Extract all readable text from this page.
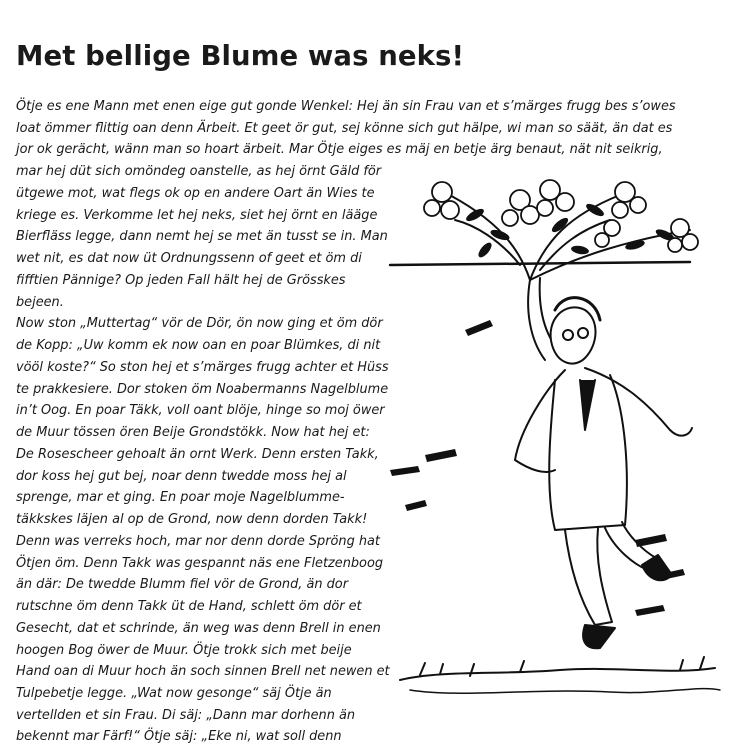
Met bellige Blume was neks!
Ötje es ene Mann met enen eige gut gonde Wenkel: Hej än sin Frau van et s’märges frugg bes s’owes
loat ömmer flittig oan denn Ärbeit. Et geet ör gut, sej könne sich gut hälpe, wi man so säät, än dat es
jor ok gerächt, wänn man so hoart ärbeit. Mar Ötje eiges es mäj en betje ärg benaut, nät nit seikrig,
mar hej düt sich omöndeg oanstelle, as hej örnt Gäld för
ütgewe mot, wat flegs ok op en andere Oart än Wies te
kriege es. Verkomme let hej neks, siet hej örnt en lääge
Bierfläss legge, dann nemt hej se met än tusst se in. Man
wet nit, es dat now üt Ordnungssenn of geet et öm di
fifftien Pännige? Op jeden Fall hält hej de Grösskes
bejeen.
Now ston „Muttertag“ vör de Dör, ön now ging et öm dör
de Kopp: „Uw komm ek now oan en poar Blümkes, di nit
vööl koste?“ So ston hej et s’märges frugg achter et Hüss
te prakkesiere. Dor stoken öm Noabermanns Nagelblume
in’t Oog. En poar Täkk, voll oant blöje, hinge so moj öwer
de Muur tössen ören Beije Grondstökk. Now hat hej et:
De Rosescheer gehoalt än ornt Werk. Denn ersten Takk,
dor koss hej gut bej, noar denn twedde moss hej al
sprenge, mar et ging. En poar moje Nagelblumme-
täkkskes läjen al op de Grond, now denn dorden Takk!
Denn was verreks hoch, mar nor denn dorde Spröng hat
Ötjen öm. Denn Takk was gespannt näs ene Fletzenboog
än där: De twedde Blumm fiel vör de Grond, än dor
rutschne öm denn Takk üt de Hand, schlett öm dör et
Gesecht, dat et schrinde, än weg was denn Brell in enen
hoogen Bog öwer de Muur. Ötje trokk sich met beije
Hand oan di Muur hoch än soch sinnen Brell net newen et
Tulpebetje legge. „Wat now gesonge“ säj Ötje än
vertellden et sin Frau. Di säj: „Dann mar dorhenn än
bekennt mar Färf!“ Ötje säj: „Eke ni, wat soll denn
